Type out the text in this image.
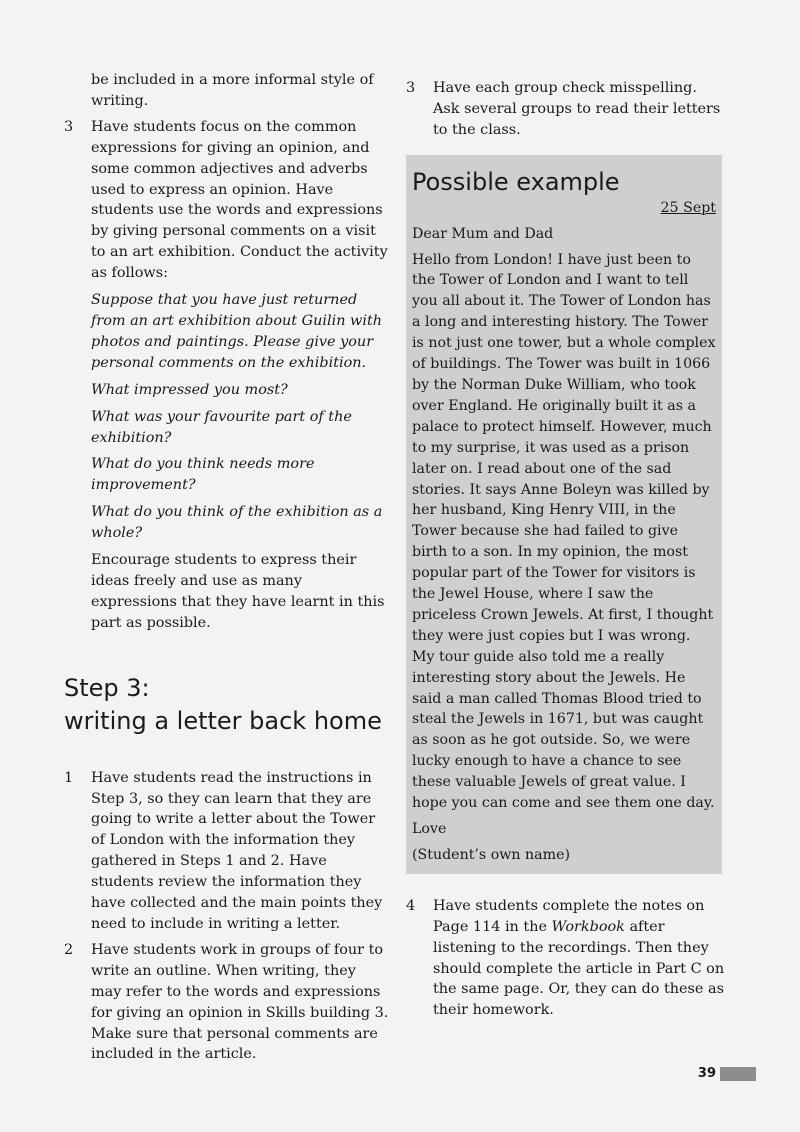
be included in a more informal style of writing.

3 Have students focus on the common expressions for giving an opinion, and some common adjectives and adverbs used to express an opinion. Have students use the words and expressions by giving personal comments on a visit to an art exhibition. Conduct the activity as follows:

Suppose that you have just returned from an art exhibition about Guilin with photos and paintings. Please give your personal comments on the exhibition.

What impressed you most?

What was your favourite part of the exhibition?

What do you think needs more improvement?

What do you think of the exhibition as a whole?

Encourage students to express their ideas freely and use as many expressions that they have learnt in this part as possible.

Step 3:
writing a letter back home
1 Have students read the instructions in Step 3, so they can learn that they are going to write a letter about the Tower of London with the information they gathered in Steps 1 and 2. Have students review the information they have collected and the main points they need to include in writing a letter.

2 Have students work in groups of four to write an outline. When writing, they may refer to the words and expressions for giving an opinion in Skills building 3. Make sure that personal comments are included in the article.

3 Have each group check misspelling. Ask several groups to read their letters to the class.

Possible example

25 Sept

Dear Mum and Dad

Hello from London! I have just been to the Tower of London and I want to tell you all about it. The Tower of London has a long and interesting history. The Tower is not just one tower, but a whole complex of buildings. The Tower was built in 1066 by the Norman Duke William, who took over England. He originally built it as a palace to protect himself. However, much to my surprise, it was used as a prison later on. I read about one of the sad stories. It says Anne Boleyn was killed by her husband, King Henry VIII, in the Tower because she had failed to give birth to a son. In my opinion, the most popular part of the Tower for visitors is the Jewel House, where I saw the priceless Crown Jewels. At first, I thought they were just copies but I was wrong. My tour guide also told me a really interesting story about the Jewels. He said a man called Thomas Blood tried to steal the Jewels in 1671, but was caught as soon as he got outside. So, we were lucky enough to have a chance to see these valuable Jewels of great value. I hope you can come and see them one day.

Love

(Student’s own name)

4 Have students complete the notes on Page 114 in the Workbook after listening to the recordings. Then they should complete the article in Part C on the same page. Or, they can do these as their homework.

39
